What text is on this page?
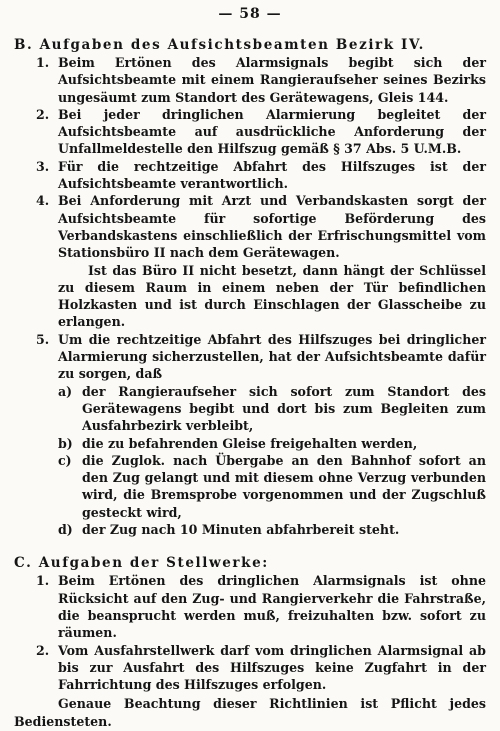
— 58 —

B. Aufgaben des Aufsichtsbeamten Bezirk IV.

1. Beim Ertönen des Alarmsignals begibt sich der Aufsichtsbeamte mit einem Rangieraufseher seines Bezirks ungesäumt zum Standort des Gerätewagens, Gleis 144.
2. Bei jeder dringlichen Alarmierung begleitet der Aufsichtsbeamte auf ausdrückliche Anforderung der Unfallmeldestelle den Hilfszug gemäß § 37 Abs. 5 U.M.B.
3. Für die rechtzeitige Abfahrt des Hilfszuges ist der Aufsichtsbeamte verantwortlich.
4. Bei Anforderung mit Arzt und Verbandskasten sorgt der Aufsichtsbeamte für sofortige Beförderung des Verbandskastens einschließlich der Erfrischungsmittel vom Stationsbüro II nach dem Gerätewagen.
Ist das Büro II nicht besetzt, dann hängt der Schlüssel zu diesem Raum in einem neben der Tür befindlichen Holzkasten und ist durch Einschlagen der Glasscheibe zu erlangen.
5. Um die rechtzeitige Abfahrt des Hilfszuges bei dringlicher Alarmierung sicherzustellen, hat der Aufsichtsbeamte dafür zu sorgen, daß
a) der Rangieraufseher sich sofort zum Standort des Gerätewagens begibt und dort bis zum Begleiten zum Ausfahrbezirk verbleibt,
b) die zu befahrenden Gleise freigehalten werden,
c) die Zuglok. nach Übergabe an den Bahnhof sofort an den Zug gelangt und mit diesem ohne Verzug verbunden wird, die Bremsprobe vorgenommen und der Zugschluß gesteckt wird,
d) der Zug nach 10 Minuten abfahrbereit steht.

C. Aufgaben der Stellwerke:

1. Beim Ertönen des dringlichen Alarmsignals ist ohne Rücksicht auf den Zug- und Rangierverkehr die Fahrstraße, die beansprucht werden muß, freizuhalten bzw. sofort zu räumen.
2. Vom Ausfahrstellwerk darf vom dringlichen Alarmsignal ab bis zur Ausfahrt des Hilfszuges keine Zugfahrt in der Fahrrichtung des Hilfszuges erfolgen.
Genaue Beachtung dieser Richtlinien ist Pflicht jedes Bediensteten.
